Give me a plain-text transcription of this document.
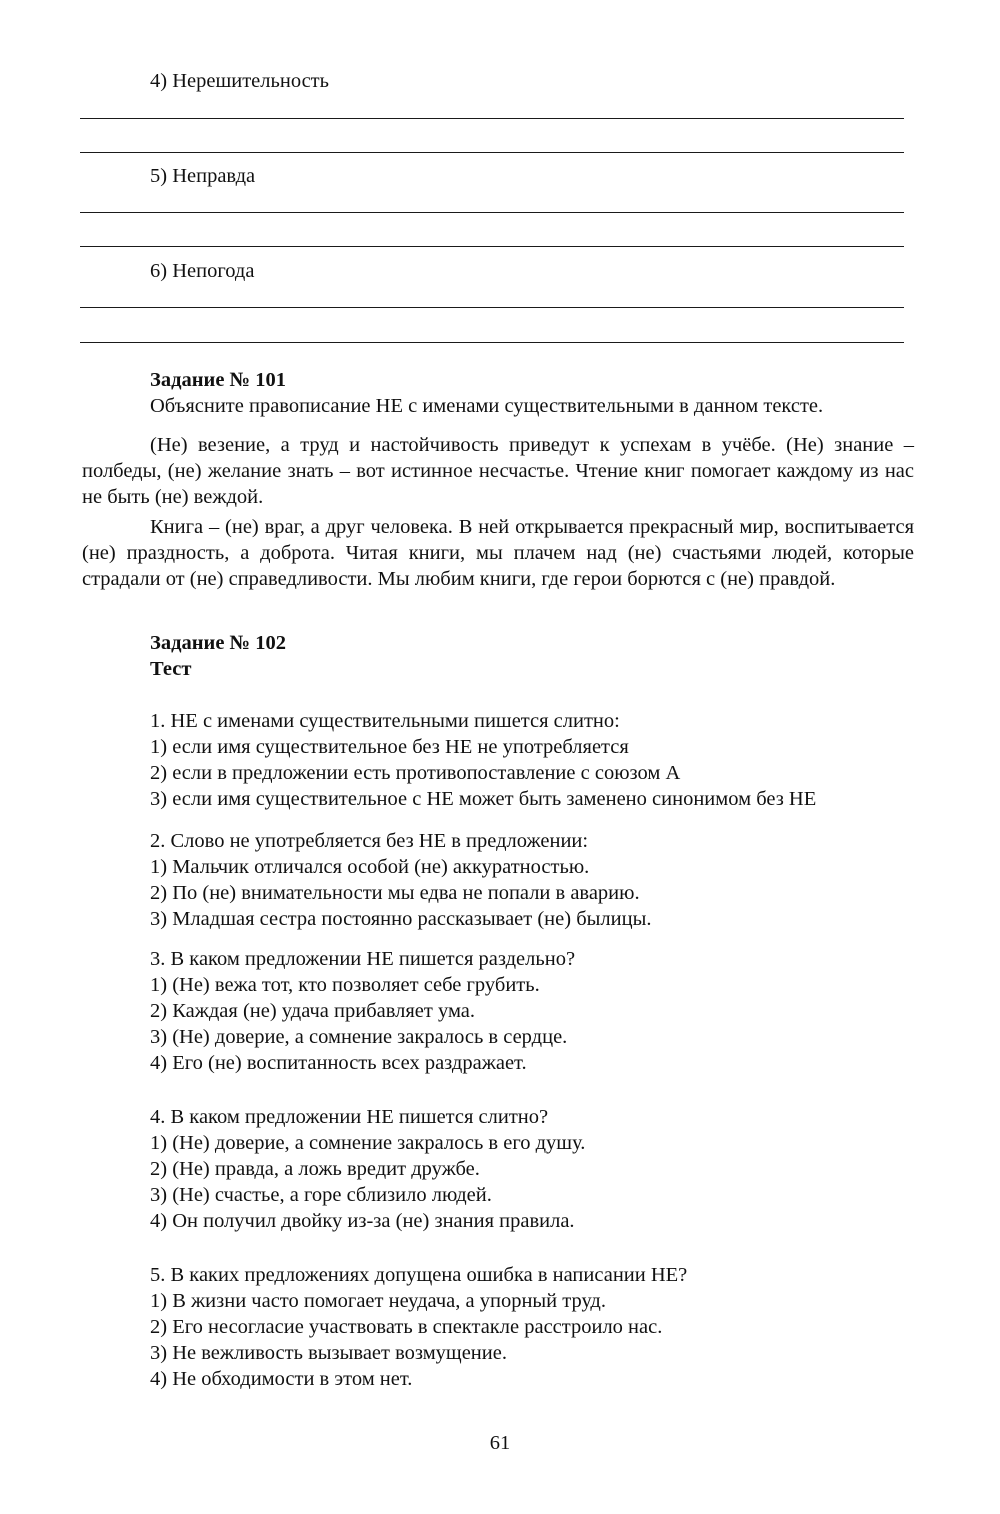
4) Нерешительность
5) Неправда
6) Непогода
Задание № 101
Объясните правописание НЕ с именами существительными в данном тексте.

(Не) везение, а труд и настойчивость приведут к успехам в учёбе. (Не) знание – полбеды, (не) желание знать – вот истинное несчастье. Чтение книг помогает каждому из нас не быть (не) веждой.

Книга – (не) враг, а друг человека. В ней открывается прекрасный мир, воспитывается (не) праздность, а доброта. Читая книги, мы плачем над (не) счастьями людей, которые страдали от (не) справедливости. Мы любим книги, где герои борются с (не) правдой.

Задание № 102
Тест
1. НЕ с именами существительными пишется слитно:
1) если имя существительное без НЕ не употребляется
2) если в предложении есть противопоставление с союзом А
3) если имя существительное с НЕ может быть заменено синонимом без НЕ
2. Слово не употребляется без НЕ в предложении:
1) Мальчик отличался особой (не) аккуратностью.
2) По (не) внимательности мы едва не попали в аварию.
3) Младшая сестра постоянно рассказывает (не) былицы.
3. В каком предложении НЕ пишется раздельно?
1) (Не) вежа тот, кто позволяет себе грубить.
2) Каждая (не) удача прибавляет ума.
3) (Не) доверие, а сомнение закралось в сердце.
4) Его (не) воспитанность всех раздражает.
4. В каком предложении НЕ пишется слитно?
1) (Не) доверие, а сомнение закралось в его душу.
2) (Не) правда, а ложь вредит дружбе.
3) (Не) счастье, а горе сблизило людей.
4) Он получил двойку из-за (не) знания правила.
5. В каких предложениях допущена ошибка в написании НЕ?
1) В жизни часто помогает неудача, а упорный труд.
2) Его несогласие участвовать в спектакле расстроило нас.
3) Не вежливость вызывает возмущение.
4) Не обходимости в этом нет.
61
